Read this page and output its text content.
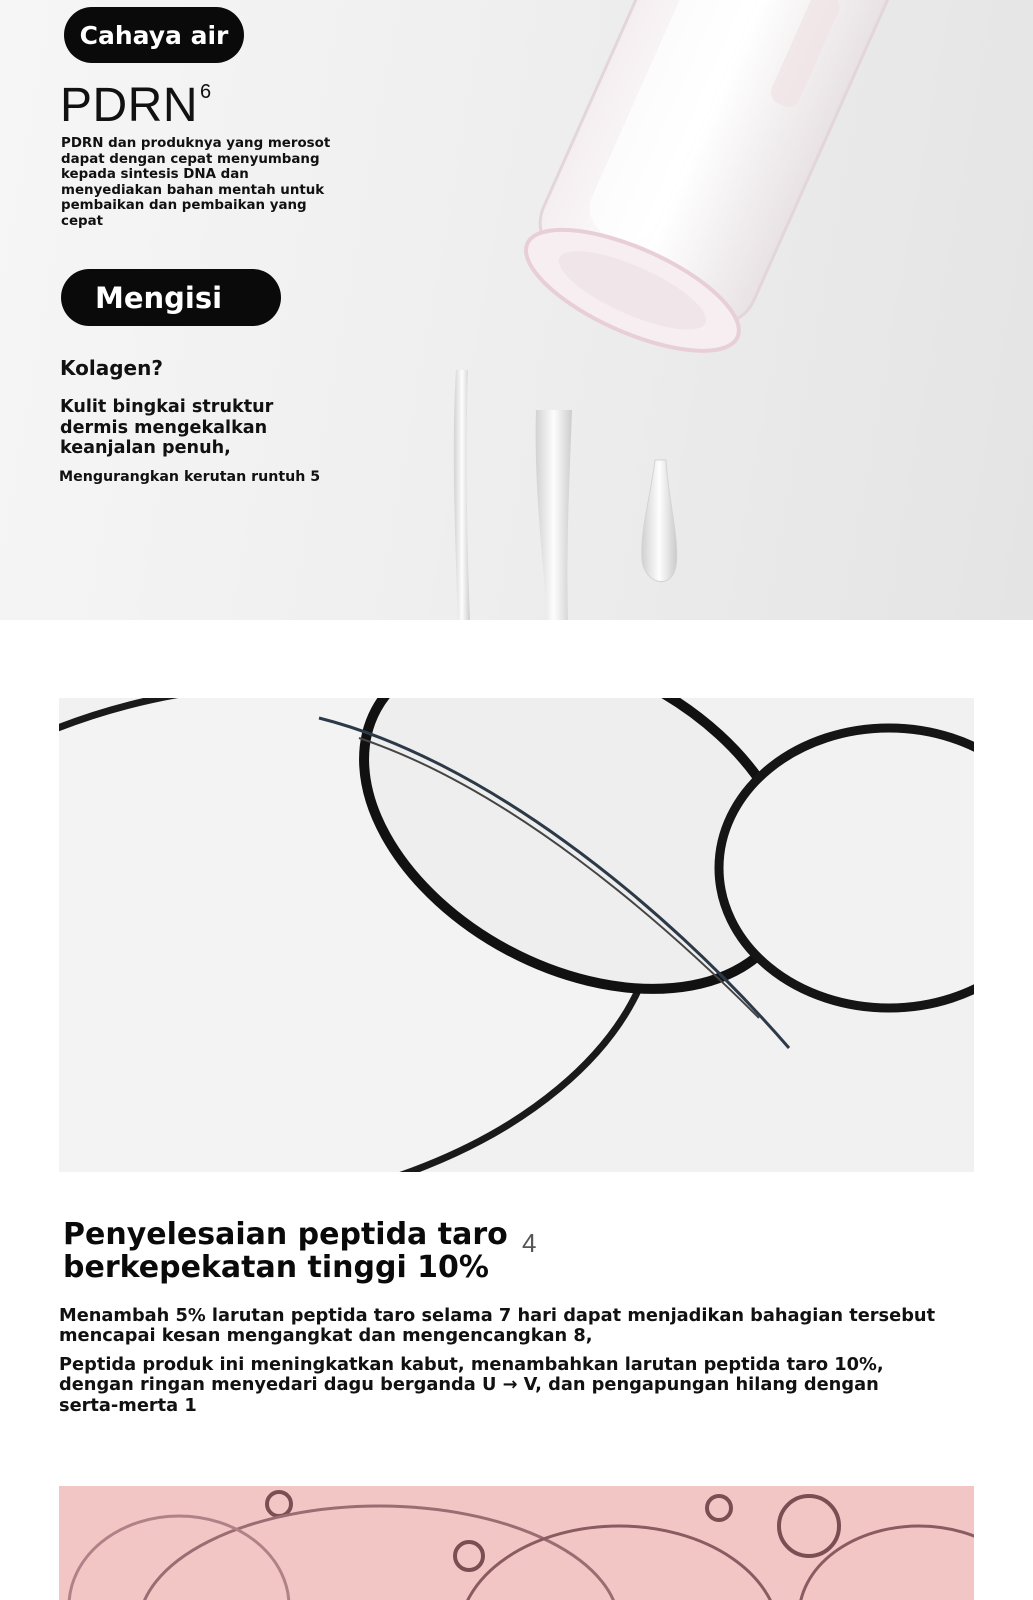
Cahaya air
PDRN $^6$
PDRN dan produknya yang merosot dapat dengan cepat menyumbang kepada sintesis DNA dan menyediakan bahan mentah untuk pembaikan dan pembaikan yang cepat
Mengisi
Kolagen?
Kulit bingkai struktur dermis mengekalkan keanjalan penuh,
Mengurangkan kerutan runtuh 5
Penyelesaian peptida taro berkepekatan tinggi 10%
4
Menambah 5% larutan peptida taro selama 7 hari dapat menjadikan bahagian tersebut mencapai kesan mengangkat dan mengencangkan 8,
Peptida produk ini meningkatkan kabut, menambahkan larutan peptida taro 10%, dengan ringan menyedari dagu berganda U → V, dan pengapungan hilang dengan serta-merta 1
